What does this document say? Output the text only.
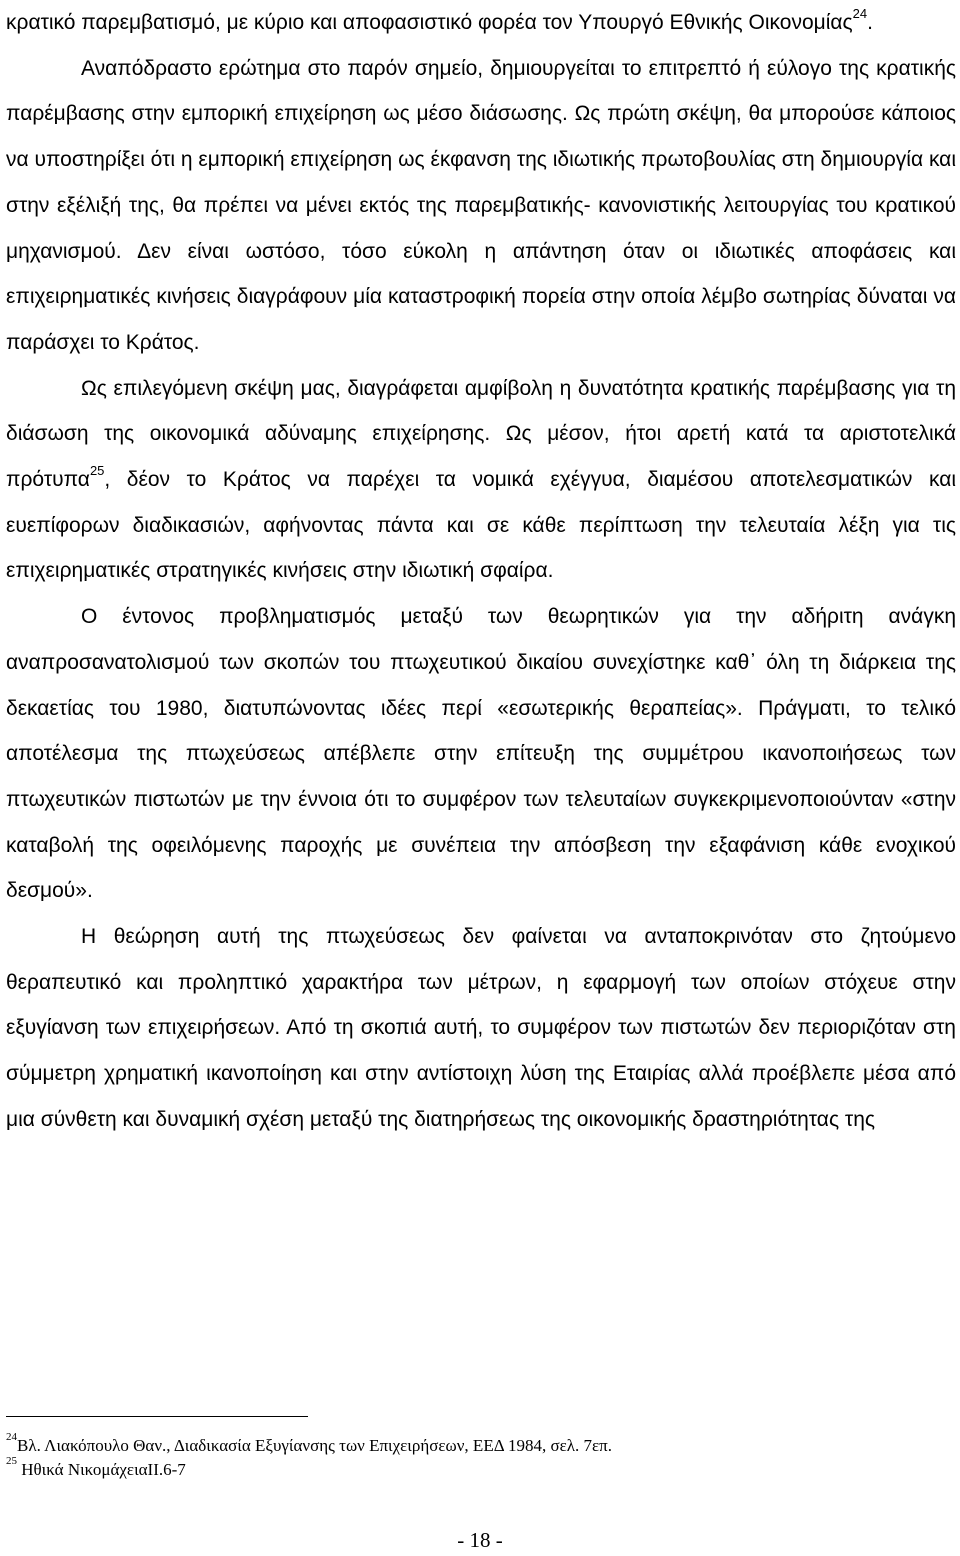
κρατικό παρεμβατισμό, με κύριο και αποφασιστικό φορέα τον Υπουργό Εθνικής Οικονομίας$^{24}$.

Αναπόδραστο ερώτημα στο παρόν σημείο, δημιουργείται το επιτρεπτό ή εύλογο της κρατικής παρέμβασης στην εμπορική επιχείρηση ως μέσο διάσωσης. Ως πρώτη σκέψη, θα μπορούσε κάποιος να υποστηρίξει ότι η εμπορική επιχείρηση ως έκφανση της ιδιωτικής πρωτοβουλίας στη δημιουργία και στην εξέλιξή της, θα πρέπει να μένει εκτός της παρεμβατικής- κανονιστικής λειτουργίας του κρατικού μηχανισμού. Δεν είναι ωστόσο, τόσο εύκολη η απάντηση όταν οι ιδιωτικές αποφάσεις και επιχειρηματικές κινήσεις διαγράφουν μία καταστροφική πορεία στην οποία λέμβο σωτηρίας δύναται να παράσχει το Κράτος.

Ως επιλεγόμενη σκέψη μας, διαγράφεται αμφίβολη η δυνατότητα κρατικής παρέμβασης για τη διάσωση της οικονομικά αδύναμης επιχείρησης. Ως μέσον, ήτοι αρετή κατά τα αριστοτελικά πρότυπα$^{25}$, δέον το Κράτος να παρέχει τα νομικά εχέγγυα, διαμέσου αποτελεσματικών και ευεπίφορων διαδικασιών, αφήνοντας πάντα και σε κάθε περίπτωση την τελευταία λέξη για τις επιχειρηματικές στρατηγικές κινήσεις στην ιδιωτική σφαίρα.

Ο έντονος προβληματισμός μεταξύ των θεωρητικών για την αδήριτη ανάγκη αναπροσανατολισμού των σκοπών του πτωχευτικού δικαίου συνεχίστηκε καθ᾽ όλη τη διάρκεια της δεκαετίας του 1980, διατυπώνοντας ιδέες περί «εσωτερικής θεραπείας». Πράγματι, το τελικό αποτέλεσμα της πτωχεύσεως απέβλεπε στην επίτευξη της συμμέτρου ικανοποιήσεως των πτωχευτικών πιστωτών με την έννοια ότι το συμφέρον των τελευταίων συγκεκριμενοποιούνταν «στην καταβολή της οφειλόμενης παροχής με συνέπεια την απόσβεση την εξαφάνιση κάθε ενοχικού δεσμού».

Η θεώρηση αυτή της πτωχεύσεως δεν φαίνεται να ανταποκρινόταν στο ζητούμενο θεραπευτικό και προληπτικό χαρακτήρα των μέτρων, η εφαρμογή των οποίων στόχευε στην εξυγίανση των επιχειρήσεων. Από τη σκοπιά αυτή, το συμφέρον των πιστωτών δεν περιοριζόταν στη σύμμετρη χρηματική ικανοποίηση και στην αντίστοιχη λύση της Εταιρίας αλλά προέβλεπε μέσα από μια σύνθετη και δυναμική σχέση μεταξύ της διατηρήσεως της οικονομικής δραστηριότητας της

$^{24}$Βλ. Λιακόπουλο Θαν., Διαδικασία Εξυγίανσης των Επιχειρήσεων, ΕΕΔ 1984, σελ. 7επ.

$^{25}$ Ηθικά ΝικομάχειαII.6-7

- 18 -
